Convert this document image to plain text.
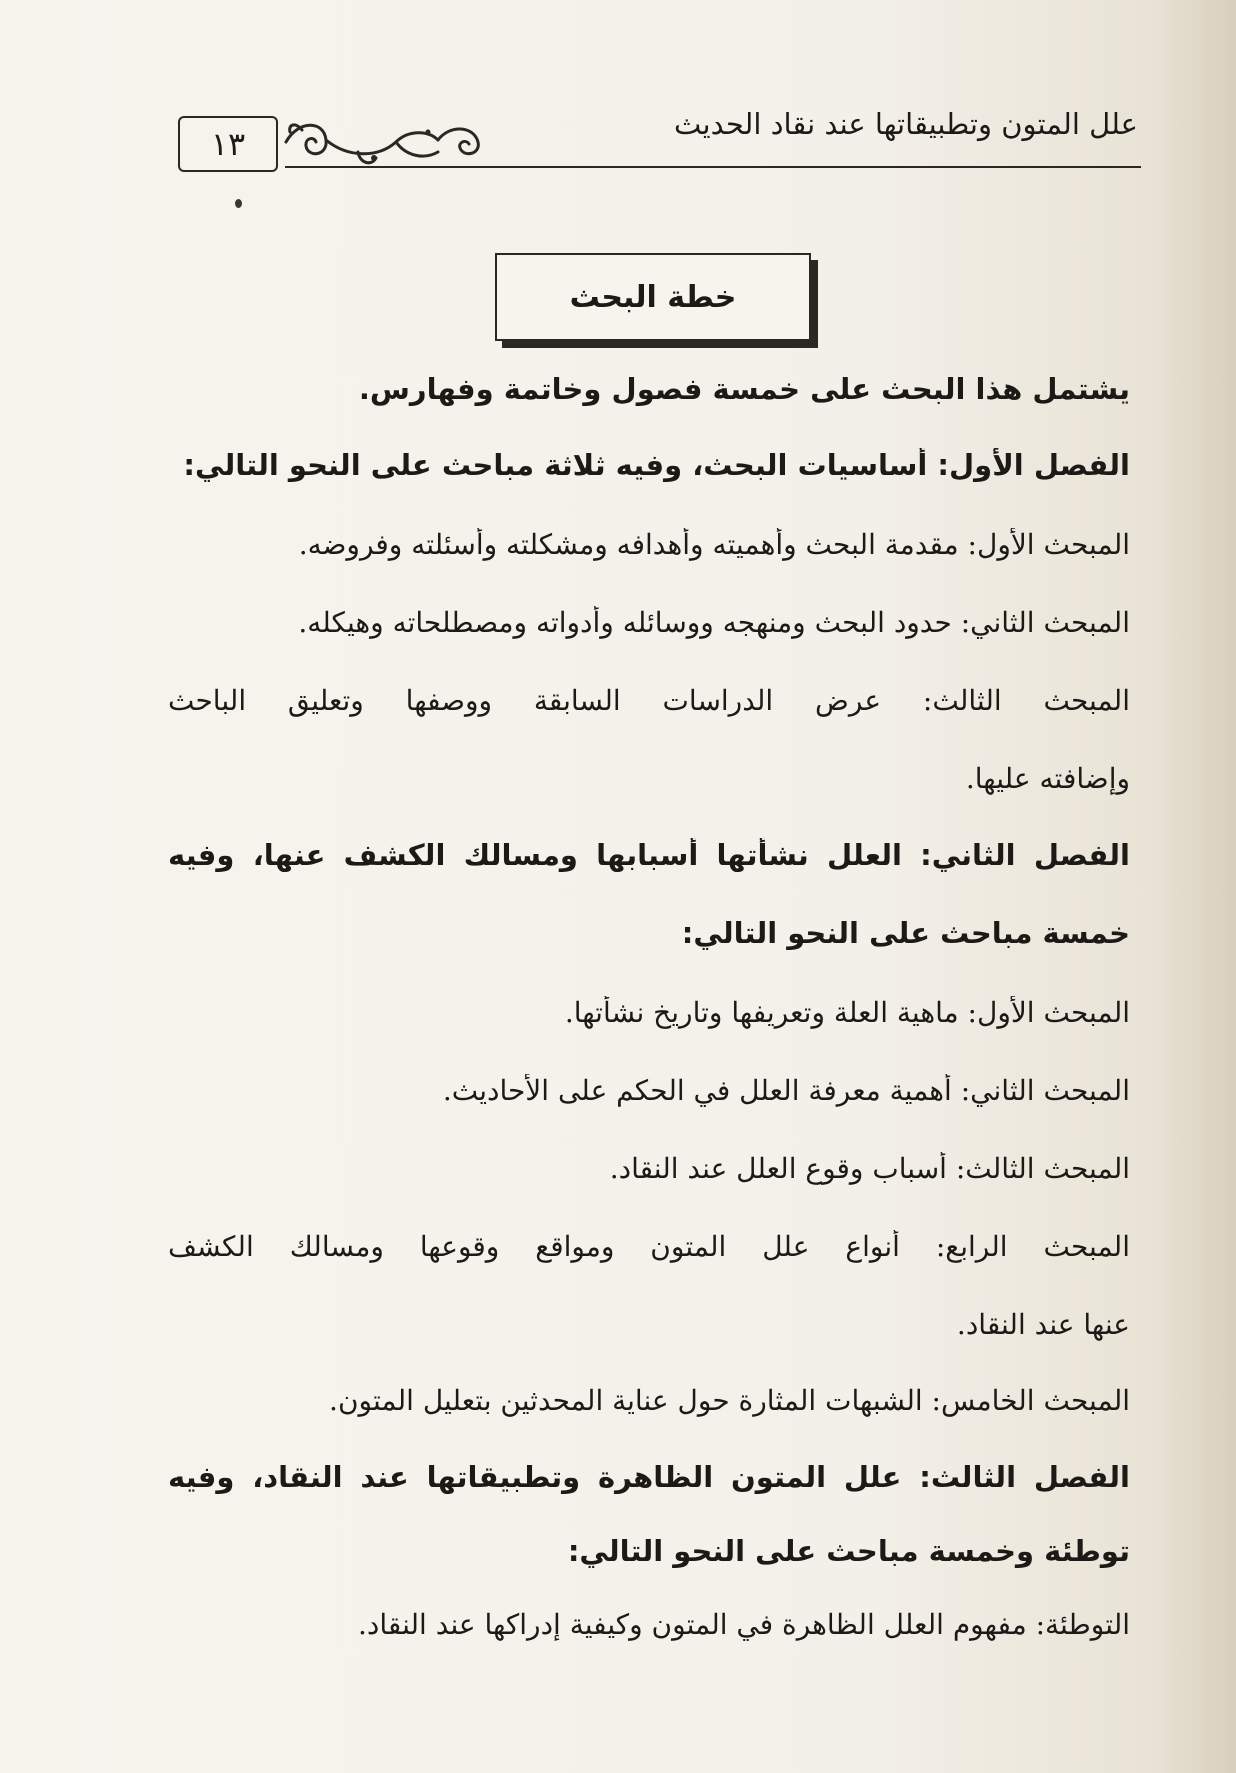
علل المتون وتطبيقاتها عند نقاد الحديث
١٣
خطة البحث
يشتمل هذا البحث على خمسة فصول وخاتمة وفهارس.
الفصل الأول: أساسيات البحث، وفيه ثلاثة مباحث على النحو التالي:
المبحث الأول: مقدمة البحث وأهميته وأهدافه ومشكلته وأسئلته وفروضه.
المبحث الثاني: حدود البحث ومنهجه ووسائله وأدواته ومصطلحاته وهيكله.
المبحث الثالث: عرض الدراسات السابقة ووصفها وتعليق الباحث
وإضافته عليها.
الفصل الثاني: العلل نشأتها أسبابها ومسالك الكشف عنها، وفيه
خمسة مباحث على النحو التالي:
المبحث الأول: ماهية العلة وتعريفها وتاريخ نشأتها.
المبحث الثاني: أهمية معرفة العلل في الحكم على الأحاديث.
المبحث الثالث: أسباب وقوع العلل عند النقاد.
المبحث الرابع: أنواع علل المتون ومواقع وقوعها ومسالك الكشف
عنها عند النقاد.
المبحث الخامس: الشبهات المثارة حول عناية المحدثين بتعليل المتون.
الفصل الثالث: علل المتون الظاهرة وتطبيقاتها عند النقاد، وفيه
توطئة وخمسة مباحث على النحو التالي:
التوطئة: مفهوم العلل الظاهرة في المتون وكيفية إدراكها عند النقاد.
